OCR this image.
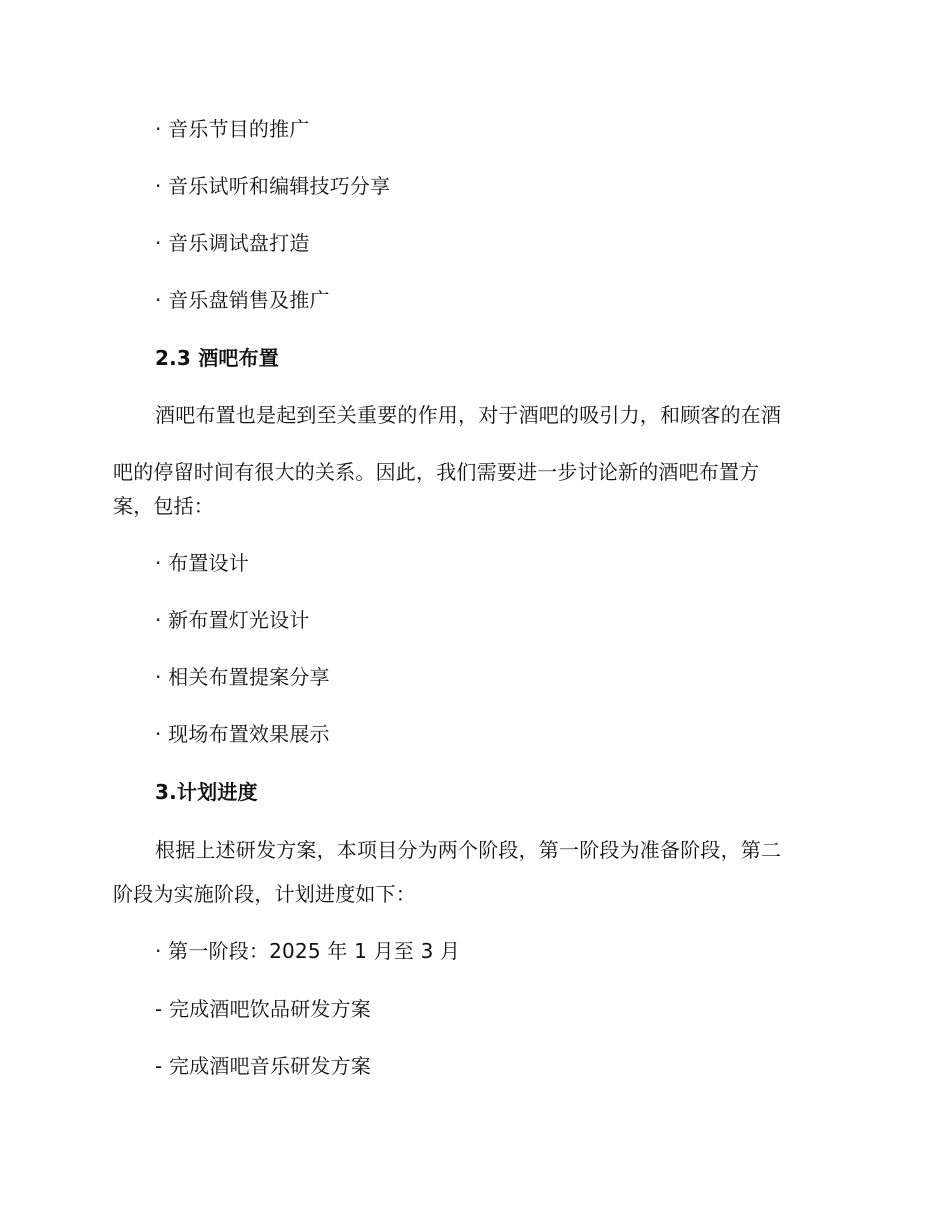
· 音乐节目的推广
· 音乐试听和编辑技巧分享
· 音乐调试盘打造
· 音乐盘销售及推广
2.3 酒吧布置
酒吧布置也是起到至关重要的作用，对于酒吧的吸引力，和顾客的在酒
吧的停留时间有很大的关系。因此，我们需要进一步讨论新的酒吧布置方
案，包括：
· 布置设计
· 新布置灯光设计
· 相关布置提案分享
· 现场布置效果展示
3.计划进度
根据上述研发方案，本项目分为两个阶段，第一阶段为准备阶段，第二
阶段为实施阶段，计划进度如下：
· 第一阶段：2025 年 1 月至 3 月
- 完成酒吧饮品研发方案
- 完成酒吧音乐研发方案
